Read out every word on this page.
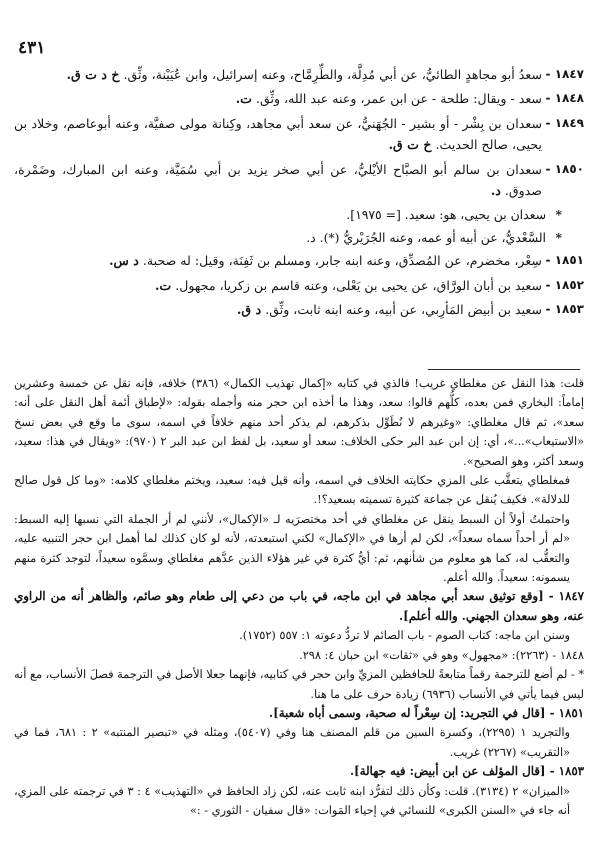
٤٣١
١٨٤٧ -
سعدُ أبو مجاهدٍ الطائيُّ، عن أبي مُدِلَّة، والطِّرِمَّاح، وعنه إسرائيل، وابن عُيَيْنة، وثِّق. خ د ت ق.
١٨٤٨ -
سعد - ويقال: طلحة - عن ابن عمر، وعنه عبد الله، وثِّق. ت.
١٨٤٩ -
سعدان بن بِشْر - أو بشير - الجُهَنيُّ، عن سعد أبي مجاهد، وكِنانة مولى صفيَّة، وعنه أبوعاصم، وخلاد بن يحيى، صالح الحديث. خ ت ق.
١٨٥٠ -
سعدان بن سالم أبو الصبَّاح الأيْليُّ، عن أبي صخر يزيد بن أبي سُمَيَّة، وعنه ابن المبارك، وضَمْرة، صدوق. د.
*
سعدان بن يحيى، هو: سعيد. [= ١٩٧٥].
*
السَّعْديُّ، عن أبيه أو عمه، وعنه الجُرَيْريُّ (*). د.
١٨٥١ -
سِعْر، مخضرم، عن المُصدِّق، وعنه ابنه جابر، ومسلم بن ثَفِنَة، وقيل: له صحبة. د س.
١٨٥٢ -
سعيد بن أبان الورَّاق، عن يحيى بن يَعْلى، وعنه قاسم بن زكريا، مجهول. ت.
١٨٥٣ -
سعيد بن أبيض المَأرِبي، عن أبيه، وعنه ابنه ثابت، وثِّق. د ق.

قلت: هذا النقل عن مغلطاي غريب! فالذي في كتابه «إكمال تهذيب الكمال» (٣٨٦) خلافه، فإنه نقل عن خمسة وعشرين إماماً: البخاري فمن بعده، كلُّهم قالوا: سعد، وهذا ما أخذه ابن حجر منه وأجمله بقوله: «لإطباق أئمة أهل النقل على أنه: سعد»، ثم قال مغلطاي: «وغيرهم لا نُطَوِّل بذكرهم، لم يذكر أحد منهم خلافاً في اسمه، سوى ما وقع في بعض نسخ «الاستيعاب»...»، أي: إن ابن عبد البر حكى الخلاف: سعد أو سعيد، بل لفظ ابن عبد البر ٢ (٩٧٠): «ويقال في هذا: سعيد، وسعد أكثر، وهو الصحيح».

فمغلطاي يتعقَّب على المزي حكايته الخلاف في اسمه، وأنه قيل فيه: سعيد، ويختم مغلطاي كلامه: «وما كل قول صالح للدلالة». فكيف يُنقل عن جماعة كثيرة تسميته بسعيد؟!.

واحتملتُ أولاً أن السبط ينقل عن مغلطاي في أحد مختصرَيه لـ «الإكمال»، لأنني لم أر الجملة التي نسبها إليه السبط: «لم أر أحداً سماه سعداً»، لكن لم أرها في «الإكمال» لكني استبعدته، لأنه لو كان كذلك لما أهمل ابن حجر التنبيه عليه، والتعقُّب له، كما هو معلوم من شأنهم، ثم: أيُّ كثرة في غير هؤلاء الذين عدَّهم مغلطاي وسمَّوه سعيداً، لتوجد كثرة منهم يسمونه: سعيداً. والله أعلم.

١٨٤٧ - [وقع توثيق سعد أبي مجاهد في ابن ماجه، في باب من دعي إلى طعام وهو صائم، والظاهر أنه من الراوي عنه، وهو سعدان الجهني. والله أعلم].

وسنن ابن ماجه: كتاب الصوم - باب الصائم لا تردُّ دعوته ١: ٥٥٧ (١٧٥٢).

١٨٤٨ - (٢٢٦٣): «مجهول» وهو في «ثقات» ابن حبان ٤: ٢٩٨.

* - لم أضع للترجمة رقماً متابعةً للحافظين المزيِّ وابن حجر في كتابيه، فإنهما جعلا الأصل في الترجمة فصلَ الأنساب، مع أنه ليس فيما يأتي في الأنساب (٦٩٣٦) زيادة حرف على ما هنا.

١٨٥١ - [قال في التجريد: إن سِعْراً له صحبة، وسمى أباه شعبة].

والتجريد ١ (٢٢٩٥)، وكسرة السين من قلم المصنف هنا وفي (٥٤٠٧)، ومثله في «تبصير المنتبه» ٢ : ٦٨١، فما في «التقريب» (٢٢٦٧) غريب.

١٨٥٣ - [قال المؤلف عن ابن أبيض: فيه جهالة].

«الميزان» ٢ (٣١٣٤). قلت: وكأن ذلك لتفرُّد ابنه ثابت عنه، لكن زاد الحافظ في «التهذيب» ٤ : ٣ في ترجمته على المزي، أنه جاء في «السنن الكبرى» للنسائي في إحياء المَوات: «قال سفيان - الثوري - :»
